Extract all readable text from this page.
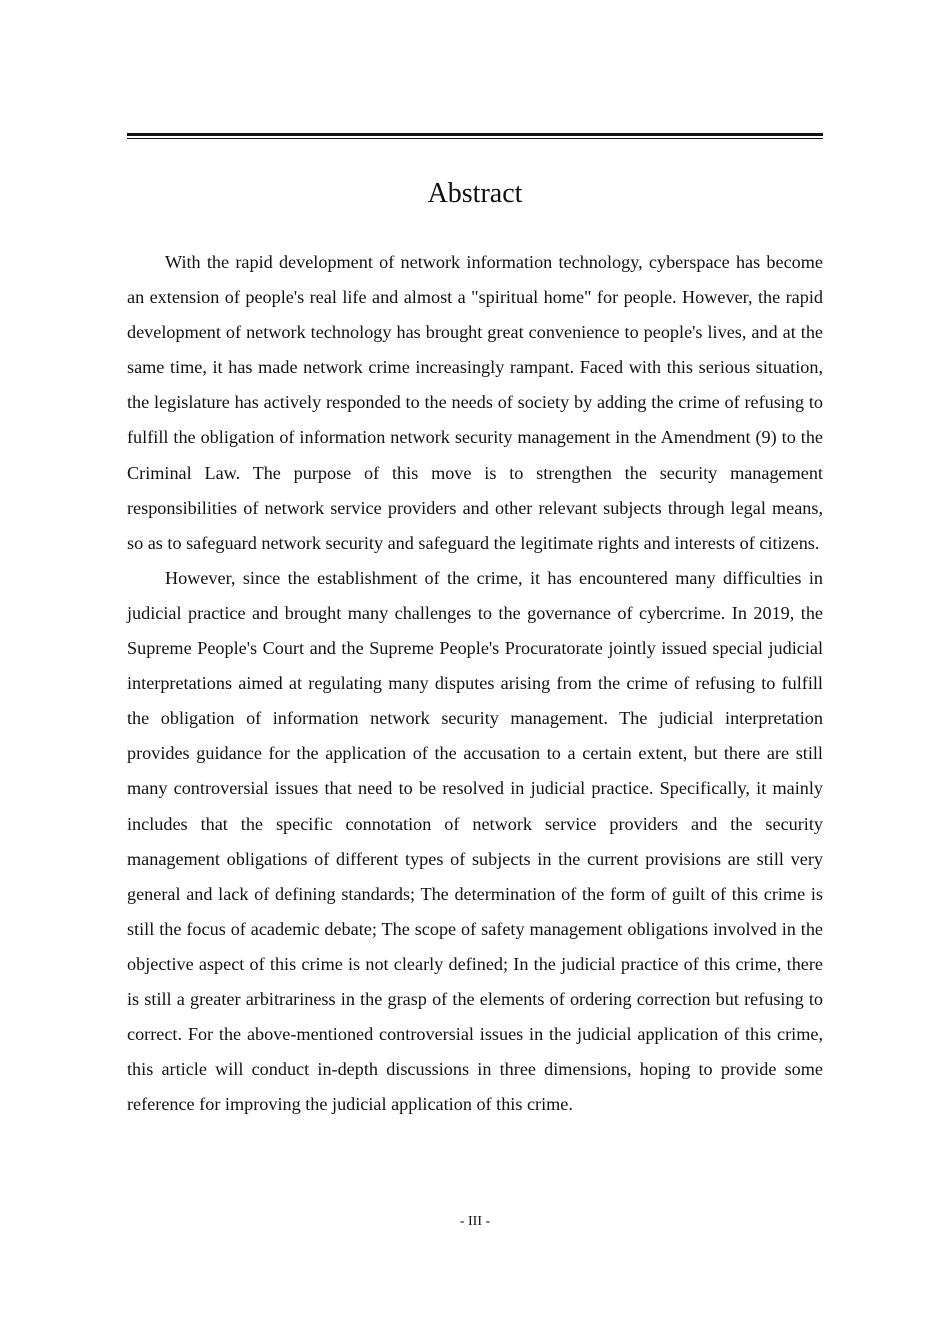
Abstract

With the rapid development of network information technology, cyberspace has become an extension of people's real life and almost a "spiritual home" for people. However, the rapid development of network technology has brought great convenience to people's lives, and at the same time, it has made network crime increasingly rampant. Faced with this serious situation, the legislature has actively responded to the needs of society by adding the crime of refusing to fulfill the obligation of information network security management in the Amendment (9) to the Criminal Law. The purpose of this move is to strengthen the security management responsibilities of network service providers and other relevant subjects through legal means, so as to safeguard network security and safeguard the legitimate rights and interests of citizens.

However, since the establishment of the crime, it has encountered many difficulties in judicial practice and brought many challenges to the governance of cybercrime. In 2019, the Supreme People's Court and the Supreme People's Procuratorate jointly issued special judicial interpretations aimed at regulating many disputes arising from the crime of refusing to fulfill the obligation of information network security management. The judicial interpretation provides guidance for the application of the accusation to a certain extent, but there are still many controversial issues that need to be resolved in judicial practice. Specifically, it mainly includes that the specific connotation of network service providers and the security management obligations of different types of subjects in the current provisions are still very general and lack of defining standards; The determination of the form of guilt of this crime is still the focus of academic debate; The scope of safety management obligations involved in the objective aspect of this crime is not clearly defined; In the judicial practice of this crime, there is still a greater arbitrariness in the grasp of the elements of ordering correction but refusing to correct. For the above-mentioned controversial issues in the judicial application of this crime, this article will conduct in-depth discussions in three dimensions, hoping to provide some reference for improving the judicial application of this crime.

- III -
